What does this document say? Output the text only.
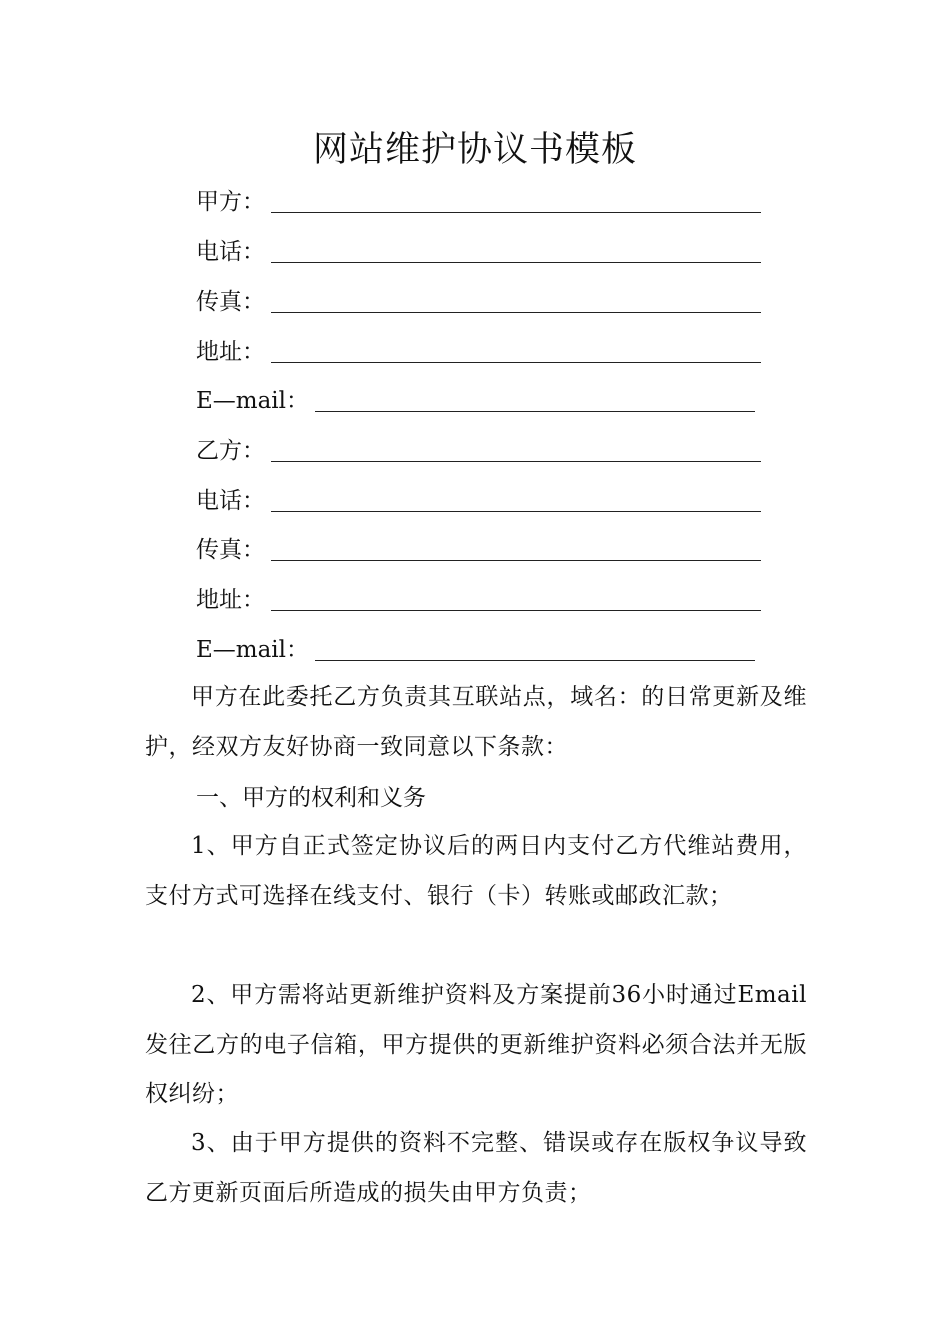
网站维护协议书模板
甲方：
电话：
传真：
地址：
E—mail：
乙方：
电话：
传真：
地址：
E—mail：
甲方在此委托乙方负责其互联站点，域名：的日常更新及维护，经双方友好协商一致同意以下条款：
一、甲方的权利和义务
1、甲方自正式签定协议后的两日内支付乙方代维站费用，支付方式可选择在线支付、银行（卡）转账或邮政汇款；
2、甲方需将站更新维护资料及方案提前36小时通过Email发往乙方的电子信箱，甲方提供的更新维护资料必须合法并无版权纠纷；
3、由于甲方提供的资料不完整、错误或存在版权争议导致乙方更新页面后所造成的损失由甲方负责；
